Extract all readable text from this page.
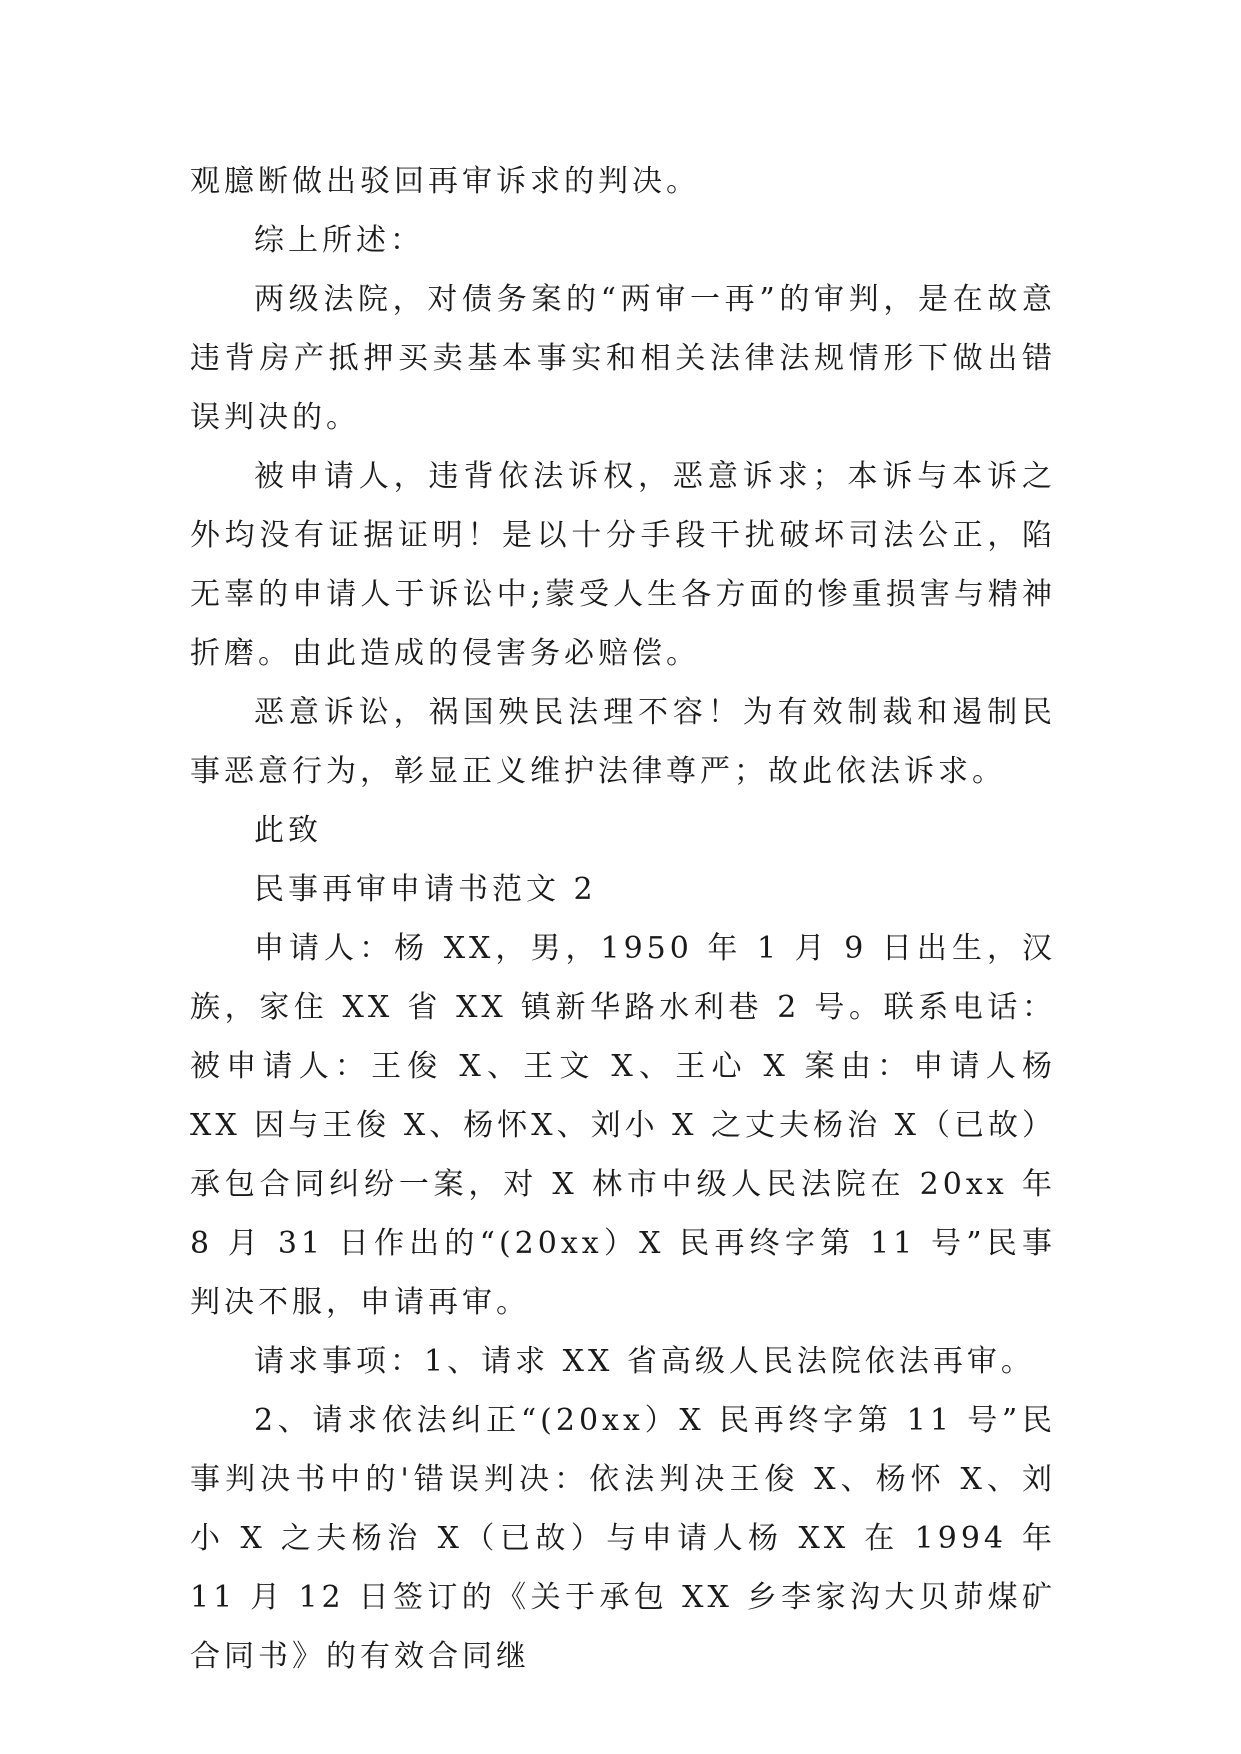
观臆断做出驳回再审诉求的判决。

综上所述：

两级法院，对债务案的“两审一再”的审判，是在故意违背房产抵押买卖基本事实和相关法律法规情形下做出错误判决的。

被申请人，违背依法诉权，恶意诉求；本诉与本诉之外均没有证据证明！是以十分手段干扰破坏司法公正，陷无辜的申请人于诉讼中;蒙受人生各方面的惨重损害与精神折磨。由此造成的侵害务必赔偿。

恶意诉讼，祸国殃民法理不容！为有效制裁和遏制民事恶意行为，彰显正义维护法律尊严；故此依法诉求。

此致

民事再审申请书范文 2

申请人：杨 XX，男，1950 年 1 月 9 日出生，汉族，家住 XX 省 XX 镇新华路水利巷 2 号。联系电话：被申请人：王俊 X、王文 X、王心 X 案由：申请人杨 XX 因与王俊 X、杨怀X、刘小 X 之丈夫杨治 X（已故）承包合同纠纷一案，对 X 林市中级人民法院在 20xx 年 8 月 31 日作出的“(20xx）X 民再终字第 11 号”民事判决不服，申请再审。

请求事项：1、请求 XX 省高级人民法院依法再审。

2、请求依法纠正“(20xx）X 民再终字第 11 号”民事判决书中的'错误判决：依法判决王俊 X、杨怀 X、刘小 X 之夫杨治 X（已故）与申请人杨 XX 在 1994 年 11 月 12 日签订的《关于承包 XX 乡李家沟大贝茆煤矿合同书》的有效合同继
